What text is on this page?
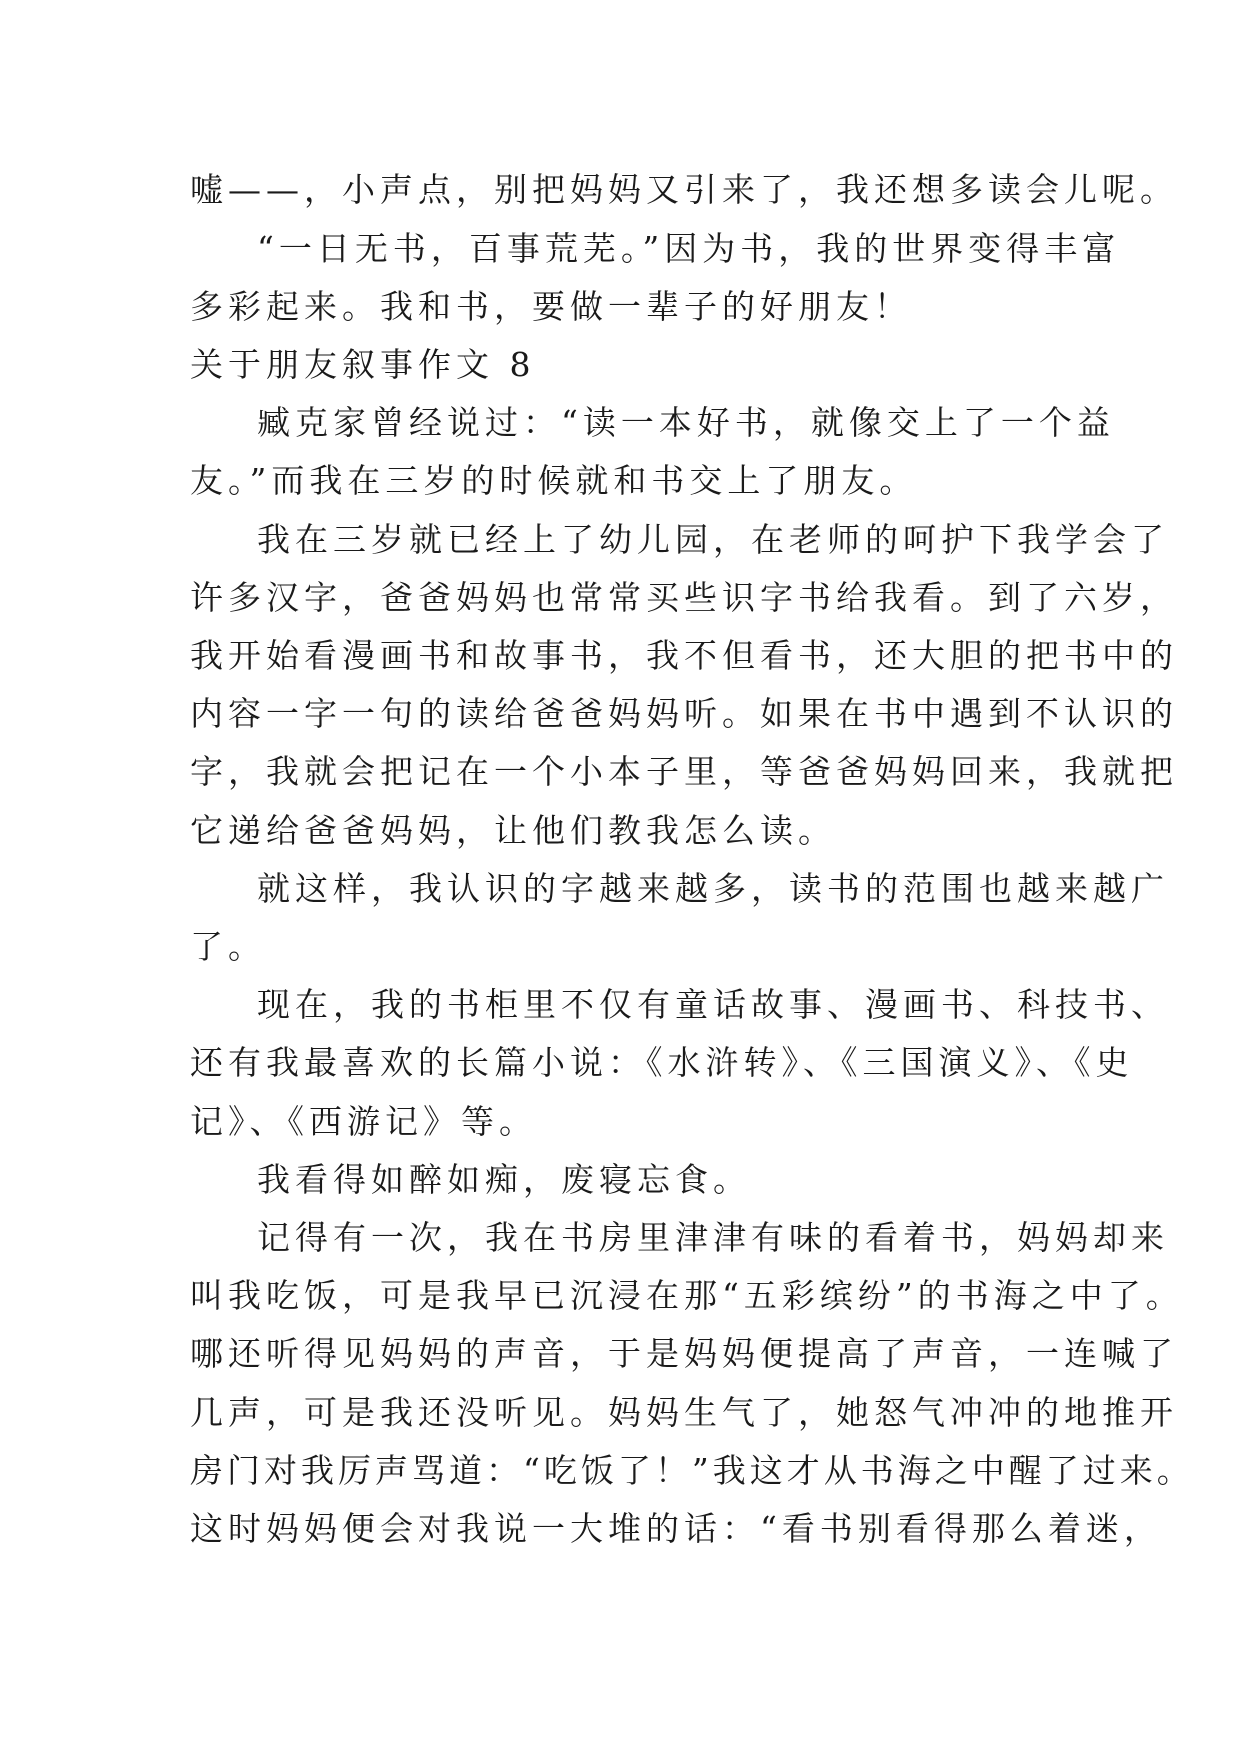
嘘——，小声点，别把妈妈又引来了，我还想多读会儿呢。
“一日无书，百事荒芜。”因为书，我的世界变得丰富
多彩起来。我和书，要做一辈子的好朋友！
关于朋友叙事作文 8
臧克家曾经说过：“读一本好书，就像交上了一个益
友。”而我在三岁的时候就和书交上了朋友。
我在三岁就已经上了幼儿园，在老师的呵护下我学会了
许多汉字，爸爸妈妈也常常买些识字书给我看。到了六岁，
我开始看漫画书和故事书，我不但看书，还大胆的把书中的
内容一字一句的读给爸爸妈妈听。如果在书中遇到不认识的
字，我就会把记在一个小本子里，等爸爸妈妈回来，我就把
它递给爸爸妈妈，让他们教我怎么读。
就这样，我认识的字越来越多，读书的范围也越来越广
了。
现在，我的书柜里不仅有童话故事、漫画书、科技书、
还有我最喜欢的长篇小说：《水浒转》、《三国演义》、《史
记》、《西游记》等。
我看得如醉如痴，废寝忘食。
记得有一次，我在书房里津津有味的看着书，妈妈却来
叫我吃饭，可是我早已沉浸在那“五彩缤纷”的书海之中了。
哪还听得见妈妈的声音，于是妈妈便提高了声音，一连喊了
几声，可是我还没听见。妈妈生气了，她怒气冲冲的地推开
房门对我厉声骂道：“吃饭了！”我这才从书海之中醒了过来。
这时妈妈便会对我说一大堆的话：“看书别看得那么着迷，
